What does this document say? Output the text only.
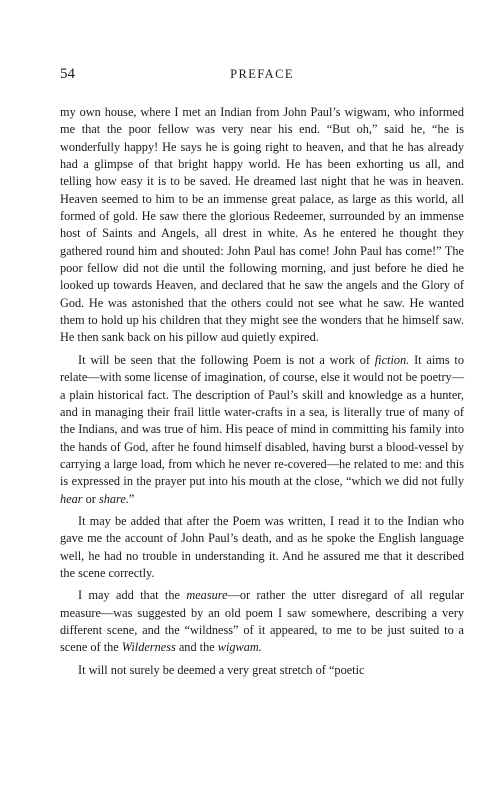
54	PREFACE

my own house, where I met an Indian from John Paul’s wigwam, who informed me that the poor fellow was very near his end. “But oh,” said he, “he is wonderfully happy! He says he is going right to heaven, and that he has already had a glimpse of that bright happy world. He has been exhorting us all, and telling how easy it is to be saved. He dreamed last night that he was in heaven. Heaven seemed to him to be an immense great palace, as large as this world, all formed of gold. He saw there the glorious Redeemer, surrounded by an immense host of Saints and Angels, all drest in white. As he entered he thought they gathered round him and shouted: John Paul has come! John Paul has come!” The poor fellow did not die until the following morning, and just before he died he looked up towards Heaven, and declared that he saw the angels and the Glory of God. He was astonished that the others could not see what he saw. He wanted them to hold up his children that they might see the wonders that he himself saw. He then sank back on his pillow aud quietly expired.

It will be seen that the following Poem is not a work of fiction. It aims to relate—with some license of imagination, of course, else it would not be poetry—a plain historical fact. The description of Paul’s skill and knowledge as a hunter, and in managing their frail little water-crafts in a sea, is literally true of many of the Indians, and was true of him. His peace of mind in committing his family into the hands of God, after he found himself disabled, having burst a blood-vessel by carrying a large load, from which he never re-covered—he related to me: and this is expressed in the prayer put into his mouth at the close, “which we did not fully hear or share.”

It may be added that after the Poem was written, I read it to the Indian who gave me the account of John Paul’s death, and as he spoke the English language well, he had no trouble in understanding it. And he assured me that it described the scene correctly.

I may add that the measure—or rather the utter disregard of all regular measure—was suggested by an old poem I saw somewhere, describing a very different scene, and the “wildness” of it appeared, to me to be just suited to a scene of the Wilderness and the wigwam.

It will not surely be deemed a very great stretch of “poetic
